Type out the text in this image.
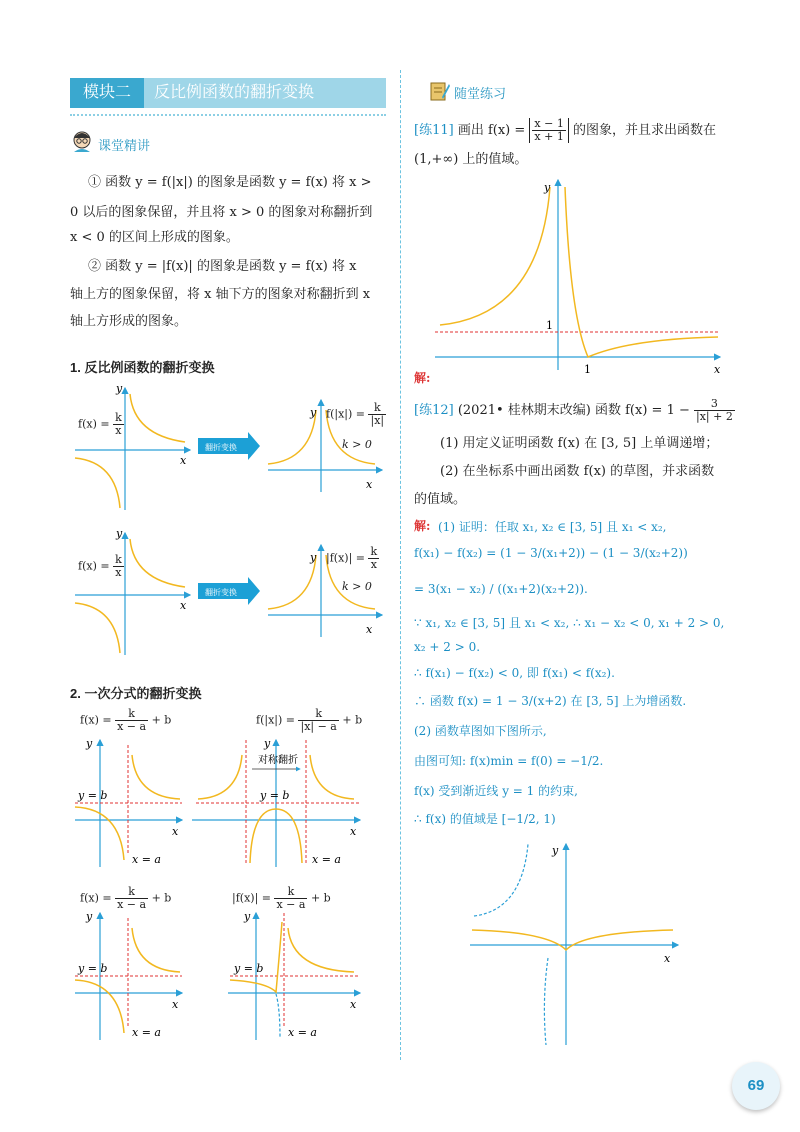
模块二	反比例函数的翻折变换
课堂精讲
① 函数 y = f(|x|) 的图象是函数 y = f(x) 将 x >
0 以后的图象保留，并且将 x > 0 的图象对称翻折到
x < 0 的区间上形成的图象。
② 函数 y = |f(x)| 的图象是函数 y = f(x) 将 x
轴上方的图象保留，将 x 轴下方的图象对称翻折到 x
轴上方形成的图象。
1. 反比例函数的翻折变换
x
y
翻折变换
x
y
$f(x) = \frac{k}{x}$	$f(|x|) = \frac{k}{|x|}$
k > 0
x
y
翻折变换
x
y
$f(x) = \frac{k}{x}$	$|f(x)| = \frac{k}{x}$
k > 0
2. 一次分式的翻折变换
$f(x) = \frac{k}{x - a} + b$	$f(|x|) = \frac{k}{|x| - a} + b$
x
y
y = b
x = a
对称翻折
x
y
y = b
x = a
$f(x) = \frac{k}{x - a} + b$	$|f(x)| = \frac{k}{x - a} + b$
x
y
y = b
x = a
x
y
y = b
x = a
随堂练习
[练11] 画出 $f(x) = \frac{x - 1}{x + 1}$ 的图象，并且求出函数在
(1,+∞) 上的值域。
y
x
1
1
解:
[练12] (2021• 桂林期末改编) 函数 $f(x) = 1 - \frac{3}{|x| + 2}$
(1) 用定义证明函数 f(x) 在 [3, 5] 上单调递增；
(2) 在坐标系中画出函数 f(x) 的草图，并求函数
的值域。
解: (1) 证明：任取 x₁, x₂ ∈ [3, 5] 且 x₁ < x₂,
f(x₁) − f(x₂) = (1 − 3/(x₁+2)) − (1 − 3/(x₂+2))
= 3(x₁ − x₂) / ((x₁+2)(x₂+2)).
∵ x₁, x₂ ∈ [3, 5] 且 x₁ < x₂, ∴ x₁ − x₂ < 0, x₁ + 2 > 0,
x₂ + 2 > 0.
∴ f(x₁) − f(x₂) < 0, 即 f(x₁) < f(x₂).
∴ 函数 f(x) = 1 − 3/(x+2) 在 [3, 5] 上为增函数.
(2) 函数草图如下图所示,
由图可知: f(x)min = f(0) = −1/2.
f(x) 受到渐近线 y = 1 的约束,
∴ f(x) 的值域是 [−1/2, 1)
y
x
69
